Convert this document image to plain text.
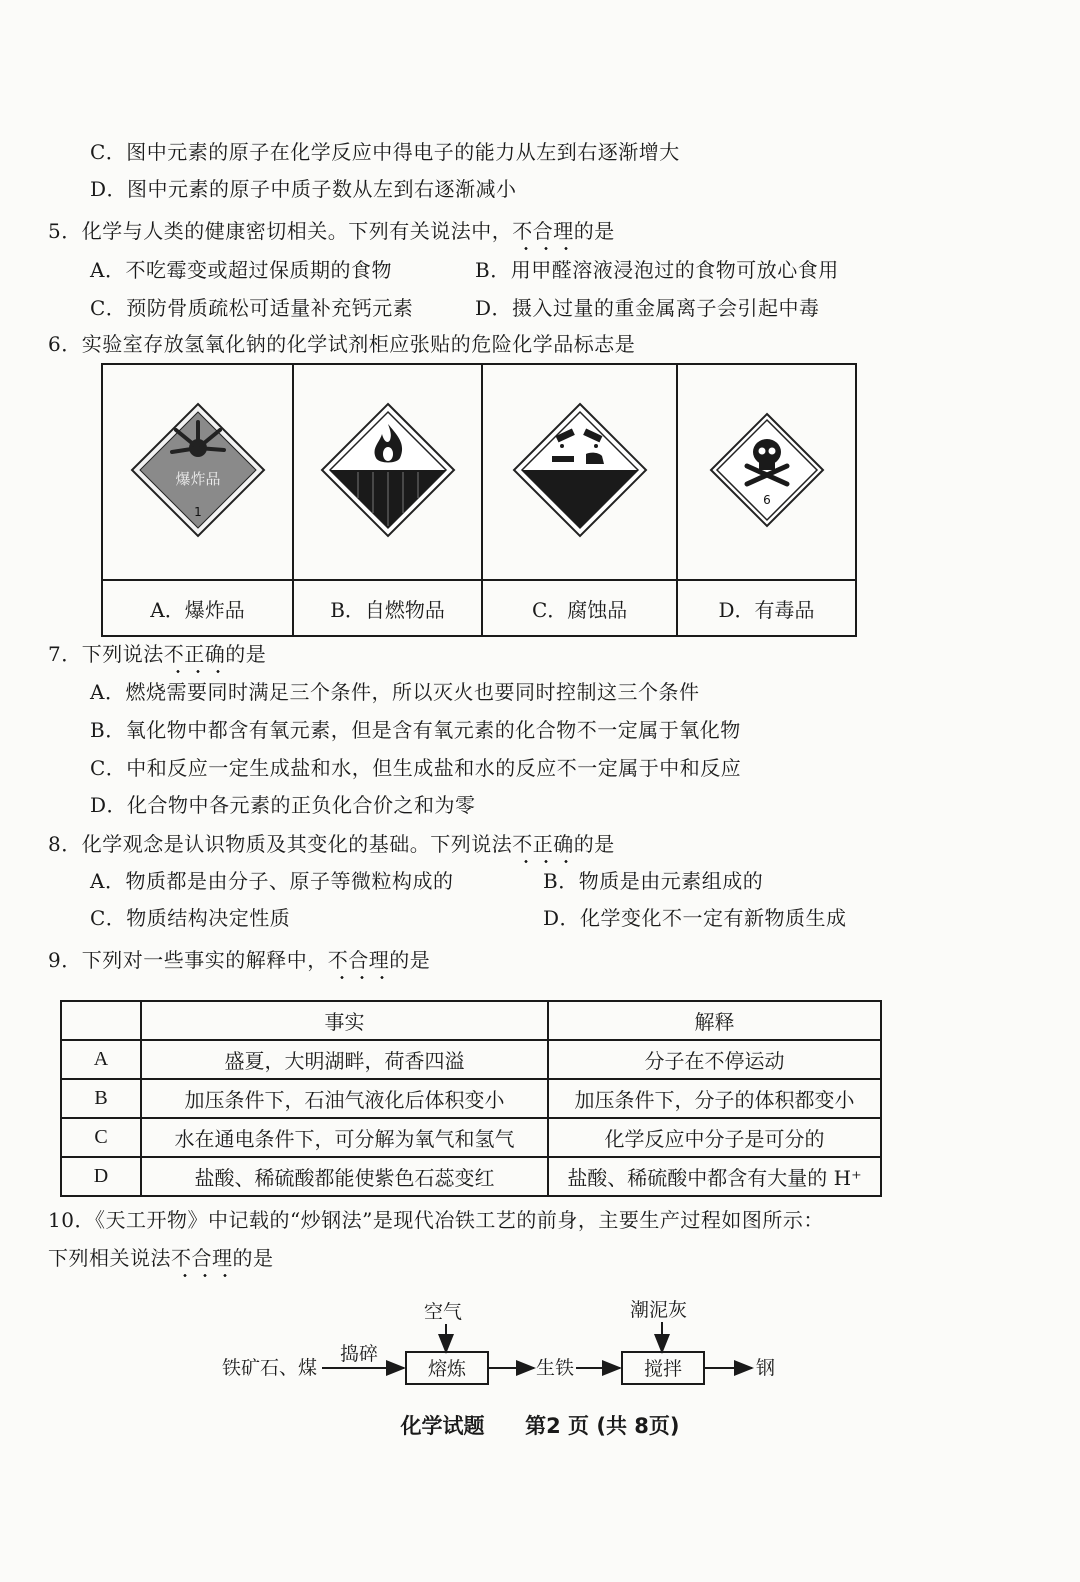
C．图中元素的原子在化学反应中得电子的能力从左到右逐渐增大
D．图中元素的原子中质子数从左到右逐渐减小
5．化学与人类的健康密切相关。下列有关说法中，不合理的是
A．不吃霉变或超过保质期的食物	B．用甲醛溶液浸泡过的食物可放心食用
C．预防骨质疏松可适量补充钙元素	D．摄入过量的重金属离子会引起中毒
6．实验室存放氢氧化钠的化学试剂柜应张贴的危险化学品标志是
爆炸品
1			6

A．爆炸品	B．自燃物品	C．腐蚀品	D．有毒品
7．下列说法不正确的是
A．燃烧需要同时满足三个条件，所以灭火也要同时控制这三个条件
B．氧化物中都含有氧元素，但是含有氧元素的化合物不一定属于氧化物
C．中和反应一定生成盐和水，但生成盐和水的反应不一定属于中和反应
D．化合物中各元素的正负化合价之和为零
8．化学观念是认识物质及其变化的基础。下列说法不正确的是
A．物质都是由分子、原子等微粒构成的	B．物质是由元素组成的
C．物质结构决定性质	D．化学变化不一定有新物质生成
9．下列对一些事实的解释中，不合理的是
	事实	解释
A	盛夏，大明湖畔，荷香四溢	分子在不停运动
B	加压条件下，石油气液化后体积变小	加压条件下，分子的体积都变小
C	水在通电条件下，可分解为氧气和氢气	化学反应中分子是可分的
D	盐酸、稀硫酸都能使紫色石蕊变红	盐酸、稀硫酸中都含有大量的 H⁺
10．《天工开物》中记载的“炒钢法”是现代冶铁工艺的前身，主要生产过程如图所示：
下列相关说法不合理的是
铁矿石、煤
捣碎
空气
熔炼	生铁
潮泥灰
搅拌	钢
化学试题 第2 页 (共 8页)
